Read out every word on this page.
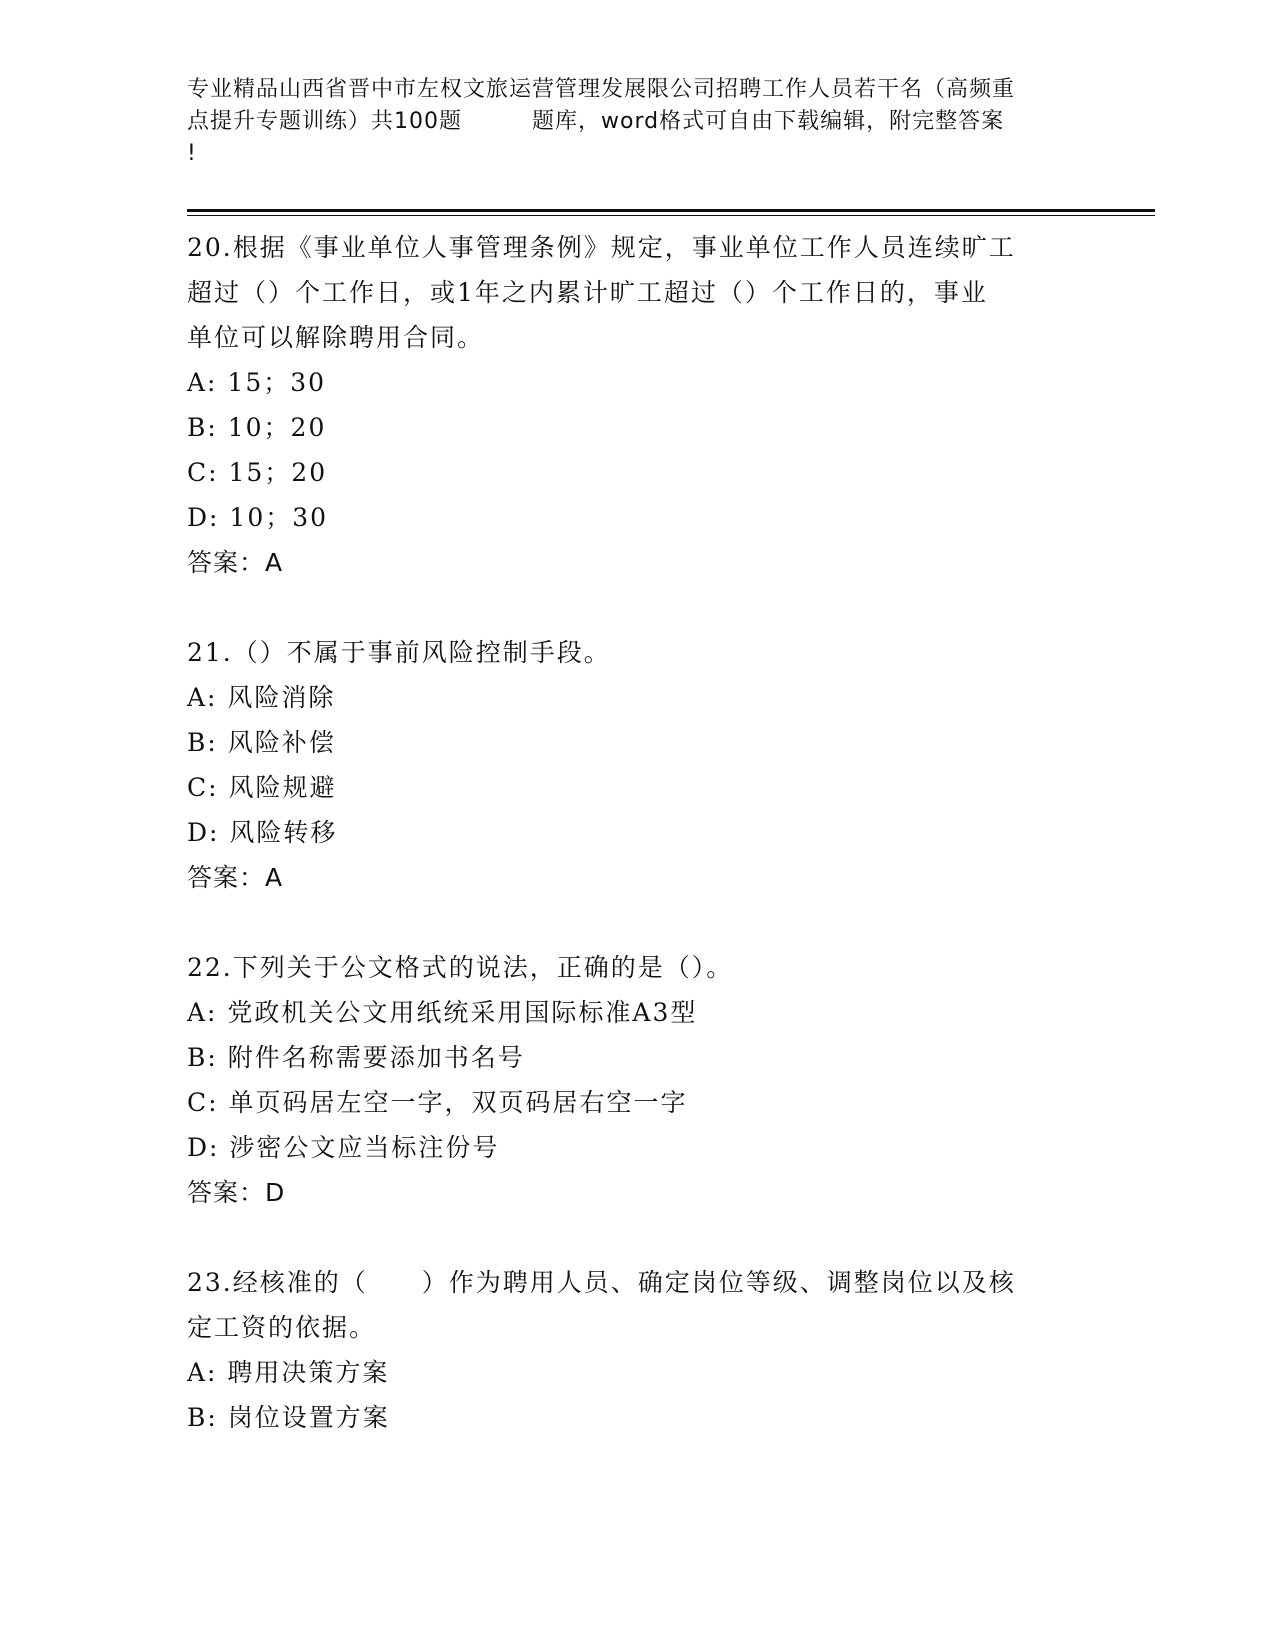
专业精品山西省晋中市左权文旅运营管理发展限公司招聘工作人员若干名（高频重
点提升专题训练）共100题	题库，word格式可自由下载编辑，附完整答案
!

20.根据《事业单位人事管理条例》规定，事业单位工作人员连续旷工

超过（）个工作日，或1年之内累计旷工超过（）个工作日的，事业

单位可以解除聘用合同。

A: 15；30

B: 10；20

C: 15；20

D: 10；30

答案：A

21.（）不属于事前风险控制手段。

A: 风险消除

B: 风险补偿

C: 风险规避

D: 风险转移

答案：A

22.下列关于公文格式的说法，正确的是（）。

A: 党政机关公文用纸统采用国际标准A3型

B: 附件名称需要添加书名号

C: 单页码居左空一字，双页码居右空一字

D: 涉密公文应当标注份号

答案：D

23.经核准的（　　）作为聘用人员、确定岗位等级、调整岗位以及核

定工资的依据。

A: 聘用决策方案

B: 岗位设置方案
